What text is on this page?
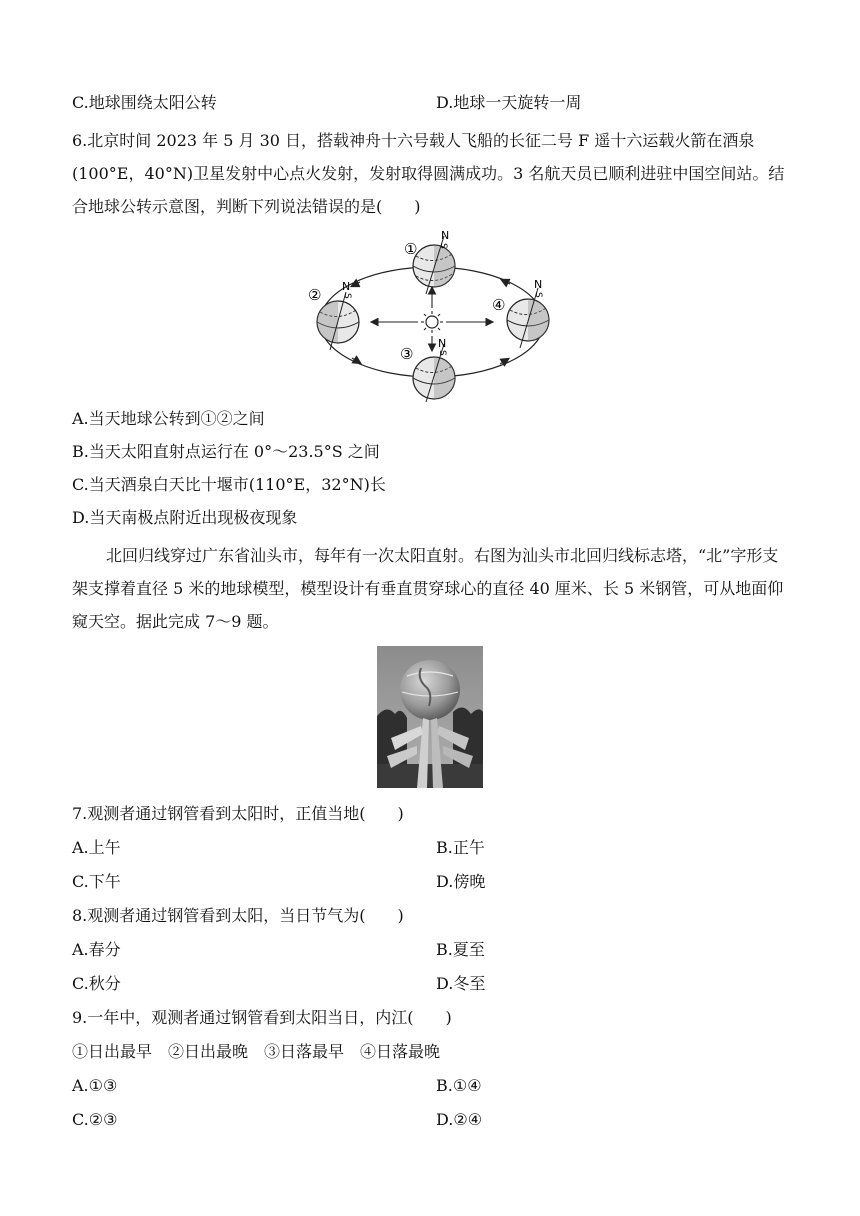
C.地球围绕太阳公转	D.地球一天旋转一周
6.北京时间 2023 年 5 月 30 日，搭载神舟十六号载人飞船的长征二号 F 遥十六运载火箭在酒泉(100°E，40°N)卫星发射中心点火发射，发射取得圆满成功。3 名航天员已顺利进驻中国空间站。结合地球公转示意图，判断下列说法错误的是(　　)
①
②
③
④
N
S
N
S
N
S
N
S
A.当天地球公转到①②之间
B.当天太阳直射点运行在 0°～23.5°S 之间
C.当天酒泉白天比十堰市(110°E，32°N)长
D.当天南极点附近出现极夜现象
北回归线穿过广东省汕头市，每年有一次太阳直射。右图为汕头市北回归线标志塔，“北”字形支架支撑着直径 5 米的地球模型，模型设计有垂直贯穿球心的直径 40 厘米、长 5 米钢管，可从地面仰窥天空。据此完成 7～9 题。
7.观测者通过钢管看到太阳时，正值当地(　　)
A.上午	B.正午
C.下午	D.傍晚
8.观测者通过钢管看到太阳，当日节气为(　　)
A.春分	B.夏至
C.秋分	D.冬至
9.一年中，观测者通过钢管看到太阳当日，内江(　　)
①日出最早　②日出最晚　③日落最早　④日落最晚
A.①③	B.①④
C.②③	D.②④
